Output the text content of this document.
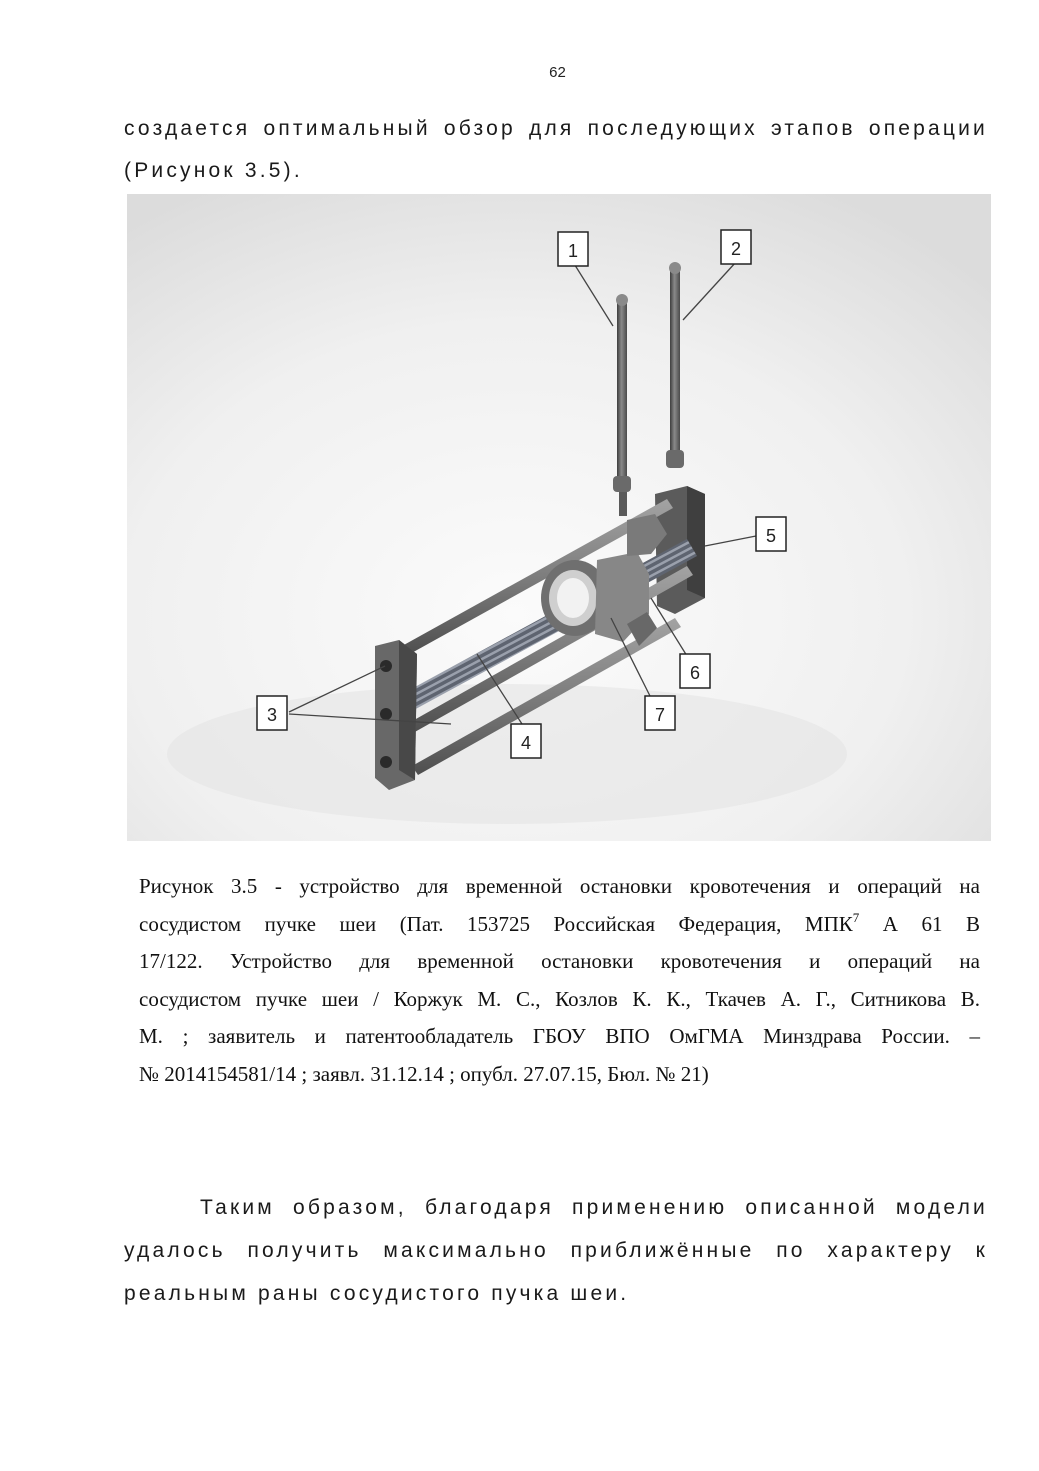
62
создается оптимальный обзор для последующих этапов операции
(Рисунок 3.5).
1	2
3
4
5
6
7
Рисунок 3.5 - устройство для временной остановки кровотечения и операций на
сосудистом пучке шеи (Пат. 153725 Российская Федерация, МПК$^7$ А 61 В
17/122. Устройство для временной остановки кровотечения и операций на
сосудистом пучке шеи / Коржук М. С., Козлов К. К., Ткачев А. Г., Ситникова В.
М. ; заявитель и патентообладатель ГБОУ ВПО ОмГМА Минздрава России. –
№ 2014154581/14 ; заявл. 31.12.14 ; опубл. 27.07.15, Бюл. № 21)
Таким образом, благодаря применению описанной модели
удалось получить максимально приближённые по характеру к
реальным раны сосудистого пучка шеи.
